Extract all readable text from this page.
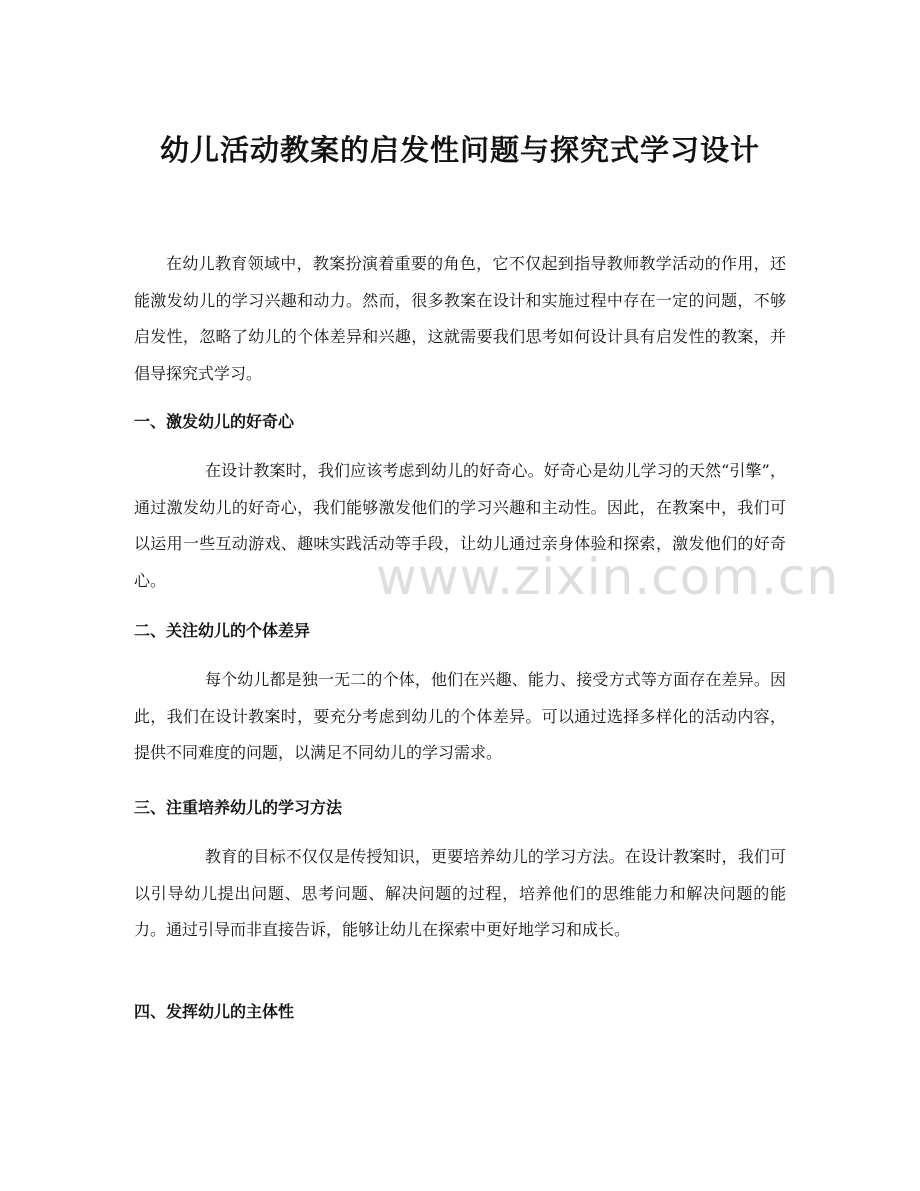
幼儿活动教案的启发性问题与探究式学习设计

在幼儿教育领域中，教案扮演着重要的角色，它不仅起到指导教师教学活动的作用，还能激发幼儿的学习兴趣和动力。然而，很多教案在设计和实施过程中存在一定的问题，不够启发性，忽略了幼儿的个体差异和兴趣，这就需要我们思考如何设计具有启发性的教案，并倡导探究式学习。

一、激发幼儿的好奇心

在设计教案时，我们应该考虑到幼儿的好奇心。好奇心是幼儿学习的天然“引擎”，通过激发幼儿的好奇心，我们能够激发他们的学习兴趣和主动性。因此，在教案中，我们可以运用一些互动游戏、趣味实践活动等手段，让幼儿通过亲身体验和探索，激发他们的好奇心。

二、关注幼儿的个体差异

每个幼儿都是独一无二的个体，他们在兴趣、能力、接受方式等方面存在差异。因此，我们在设计教案时，要充分考虑到幼儿的个体差异。可以通过选择多样化的活动内容，提供不同难度的问题，以满足不同幼儿的学习需求。

三、注重培养幼儿的学习方法

教育的目标不仅仅是传授知识，更要培养幼儿的学习方法。在设计教案时，我们可以引导幼儿提出问题、思考问题、解决问题的过程，培养他们的思维能力和解决问题的能力。通过引导而非直接告诉，能够让幼儿在探索中更好地学习和成长。

四、发挥幼儿的主体性
www.zixin.com.cn
